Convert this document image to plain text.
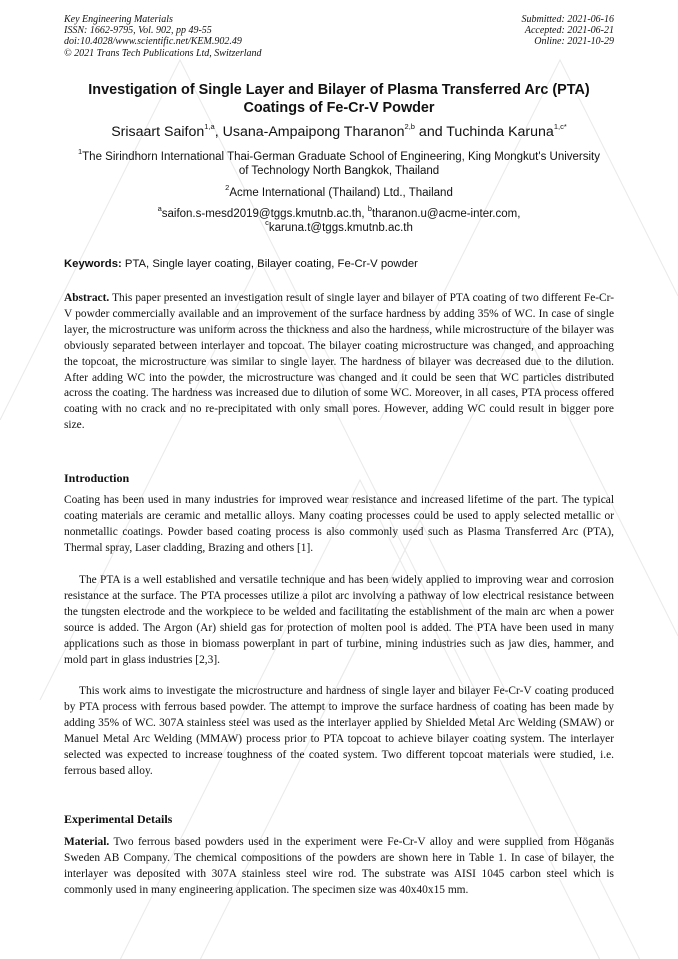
Key Engineering Materials
ISSN: 1662-9795, Vol. 902, pp 49-55
doi:10.4028/www.scientific.net/KEM.902.49
© 2021 Trans Tech Publications Ltd, Switzerland
Submitted: 2021-06-16
Accepted: 2021-06-21
Online: 2021-10-29
Investigation of Single Layer and Bilayer of Plasma Transferred Arc (PTA) Coatings of Fe-Cr-V Powder
Srisaart Saifon$^{1,a}$, Usana-Ampaipong Tharanon$^{2,b}$ and Tuchinda Karuna$^{1,c*}$
$^1$The Sirindhorn International Thai-German Graduate School of Engineering, King Mongkut's University of Technology North Bangkok, Thailand
$^2$Acme International (Thailand) Ltd., Thailand
$^a$saifon.s-mesd2019@tggs.kmutnb.ac.th, $^b$tharanon.u@acme-inter.com,
$^c$karuna.t@tggs.kmutnb.ac.th
Keywords: PTA, Single layer coating, Bilayer coating, Fe-Cr-V powder
Abstract. This paper presented an investigation result of single layer and bilayer of PTA coating of two different Fe-Cr-V powder commercially available and an improvement of the surface hardness by adding 35% of WC. In case of single layer, the microstructure was uniform across the thickness and also the hardness, while microstructure of the bilayer was obviously separated between interlayer and topcoat. The bilayer coating microstructure was changed, and approaching the topcoat, the microstructure was similar to single layer. The hardness of bilayer was decreased due to the dilution. After adding WC into the powder, the microstructure was changed and it could be seen that WC particles distributed across the coating. The hardness was increased due to dilution of some WC. Moreover, in all cases, PTA process offered coating with no crack and no re-precipitated with only small pores. However, adding WC could result in bigger pore size.
Introduction
Coating has been used in many industries for improved wear resistance and increased lifetime of the part. The typical coating materials are ceramic and metallic alloys. Many coating processes could be used to apply selected metallic or nonmetallic coatings. Powder based coating process is also commonly used such as Plasma Transferred Arc (PTA), Thermal spray, Laser cladding, Brazing and others [1].
The PTA is a well established and versatile technique and has been widely applied to improving wear and corrosion resistance at the surface. The PTA processes utilize a pilot arc involving a pathway of low electrical resistance between the tungsten electrode and the workpiece to be welded and facilitating the establishment of the main arc when a power source is added. The Argon (Ar) shield gas for protection of molten pool is added. The PTA have been used in many applications such as those in biomass powerplant in part of turbine, mining industries such as jaw dies, hammer, and mold part in glass industries [2,3].
This work aims to investigate the microstructure and hardness of single layer and bilayer Fe-Cr-V coating produced by PTA process with ferrous based powder. The attempt to improve the surface hardness of coating has been made by adding 35% of WC. 307A stainless steel was used as the interlayer applied by Shielded Metal Arc Welding (SMAW) or Manuel Metal Arc Welding (MMAW) process prior to PTA topcoat to achieve bilayer coating system. The interlayer selected was expected to increase toughness of the coated system. Two different topcoat materials were studied, i.e. ferrous based alloy.
Experimental Details
Material. Two ferrous based powders used in the experiment were Fe-Cr-V alloy and were supplied from Höganäs Sweden AB Company. The chemical compositions of the powders are shown here in Table 1. In case of bilayer, the interlayer was deposited with 307A stainless steel wire rod. The substrate was AISI 1045 carbon steel which is commonly used in many engineering application. The specimen size was 40x40x15 mm.
